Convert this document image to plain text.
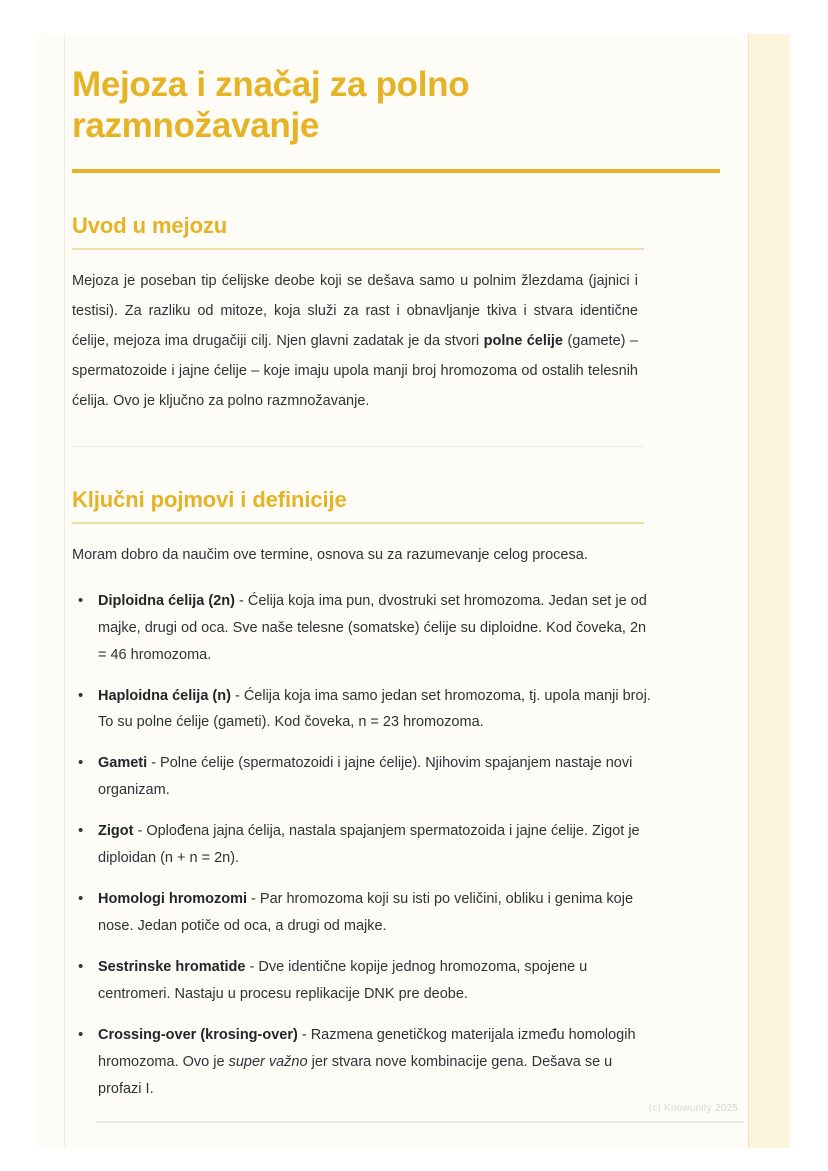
Mejoza i značaj za polno razmnožavanje
Uvod u mejozu

Mejoza je poseban tip ćelijske deobe koji se dešava samo u polnim žlezdama (jajnici i testisi). Za razliku od mitoze, koja služi za rast i obnavljanje tkiva i stvara identične ćelije, mejoza ima drugačiji cilj. Njen glavni zadatak je da stvori polne ćelije (gamete) – spermatozoide i jajne ćelije – koje imaju upola manji broj hromozoma od ostalih telesnih ćelija. Ovo je ključno za polno razmnožavanje.

Ključni pojmovi i definicije

Moram dobro da naučim ove termine, osnova su za razumevanje celog procesa.

• Diploidna ćelija (2n) - Ćelija koja ima pun, dvostruki set hromozoma. Jedan set je od majke, drugi od oca. Sve naše telesne (somatske) ćelije su diploidne. Kod čoveka, 2n = 46 hromozoma.
• Haploidna ćelija (n) - Ćelija koja ima samo jedan set hromozoma, tj. upola manji broj. To su polne ćelije (gameti). Kod čoveka, n = 23 hromozoma.
• Gameti - Polne ćelije (spermatozoidi i jajne ćelije). Njihovim spajanjem nastaje novi organizam.
• Zigot - Oplođena jajna ćelija, nastala spajanjem spermatozoida i jajne ćelije. Zigot je diploidan (n + n = 2n).
• Homologi hromozomi - Par hromozoma koji su isti po veličini, obliku i genima koje nose. Jedan potiče od oca, a drugi od majke.
• Sestrinske hromatide - Dve identične kopije jednog hromozoma, spojene u centromeri. Nastaju u procesu replikacije DNK pre deobe.
• Crossing-over (krosing-over) - Razmena genetičkog materijala između homologih hromozoma. Ovo je super važno jer stvara nove kombinacije gena. Dešava se u profazi I.
(c) Knowunity 2025
